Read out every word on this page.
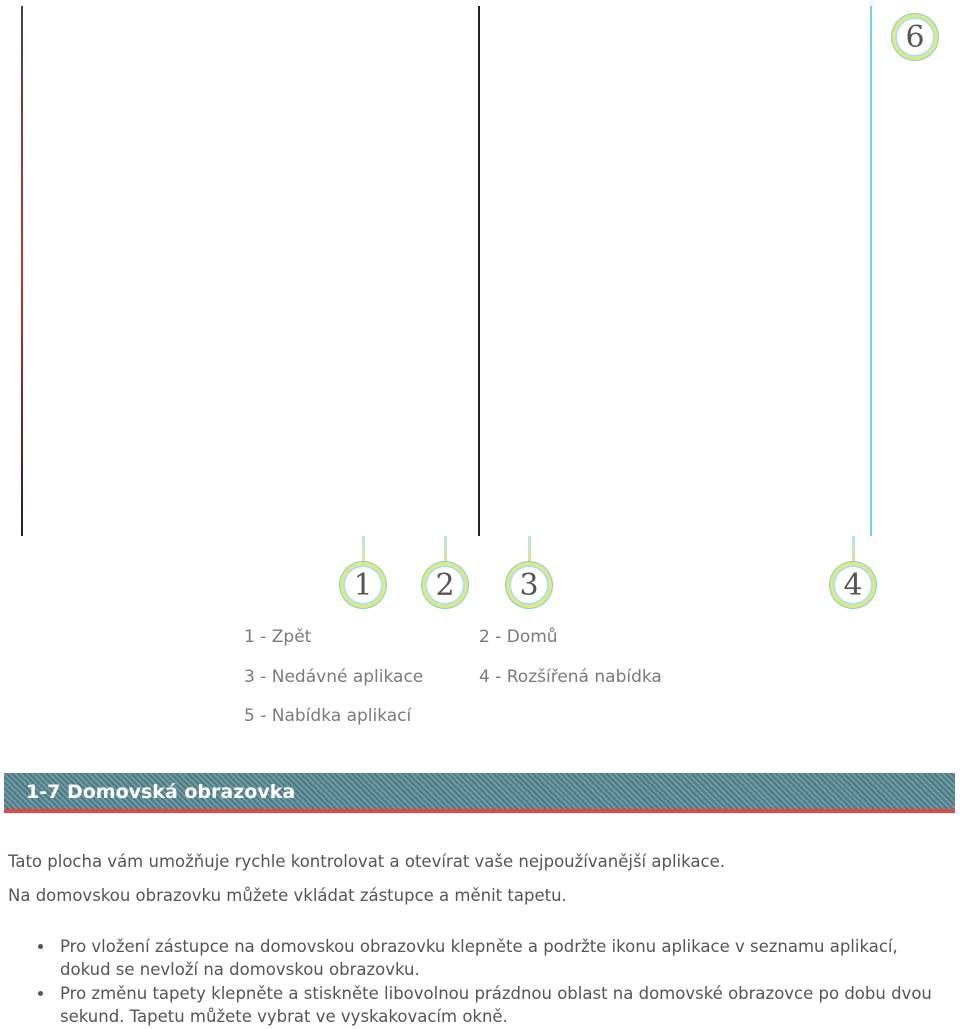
6
1 2 3	4
1 - Zpět	2 - Domů
3 - Nedávné aplikace	4 - Rozšířená nabídka
5 - Nabídka aplikací
1-7 Domovská obrazovka
Tato plocha vám umožňuje rychle kontrolovat a otevírat vaše nejpoužívanější aplikace.
Na domovskou obrazovku můžete vkládat zástupce a měnit tapetu.
Pro vložení zástupce na domovskou obrazovku klepněte a podržte ikonu aplikace v seznamu aplikací, dokud se nevloží na domovskou obrazovku.
Pro změnu tapety klepněte a stiskněte libovolnou prázdnou oblast na domovské obrazovce po dobu dvou sekund. Tapetu můžete vybrat ve vyskakovacím okně.
